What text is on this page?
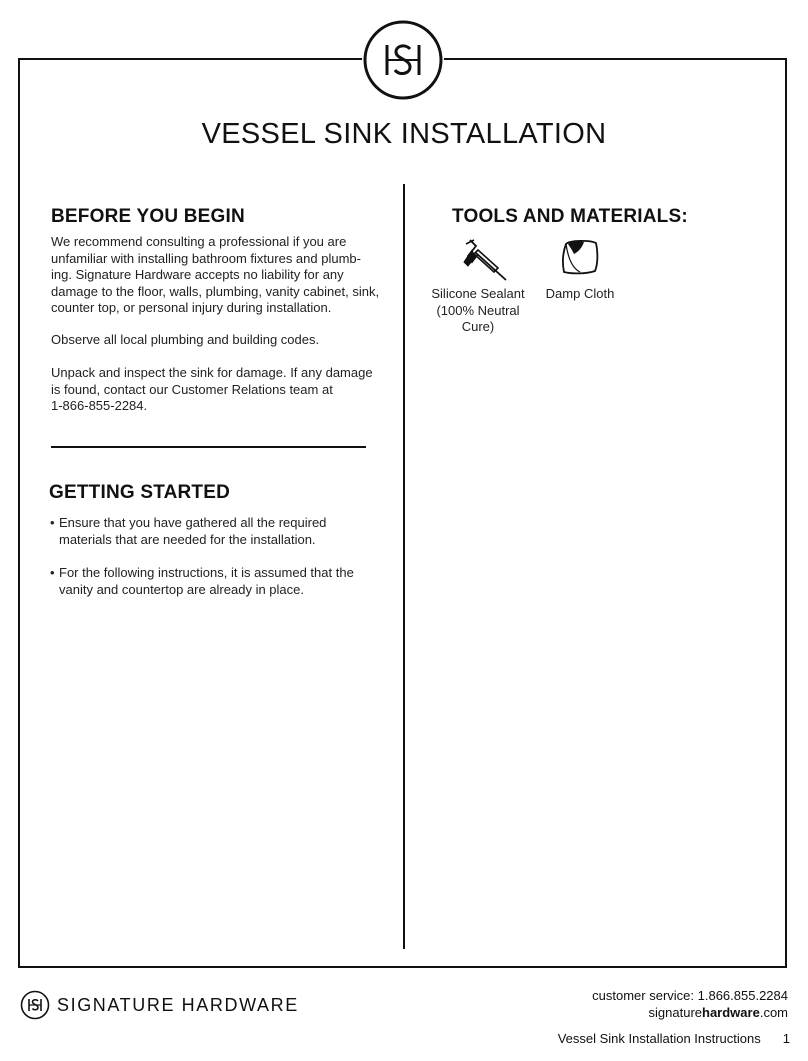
VESSEL SINK INSTALLATION
BEFORE YOU BEGIN
We recommend consulting a professional if you are
unfamiliar with installing bathroom fixtures and plumb-
ing. Signature Hardware accepts no liability for any
damage to the floor, walls, plumbing, vanity cabinet, sink,
counter top, or personal injury during installation.
Observe all local plumbing and building codes.
Unpack and inspect the sink for damage. If any damage
is found, contact our Customer Relations team at
1-866-855-2284.
GETTING STARTED
• Ensure that you have gathered all the required
materials that are needed for the installation.
• For the following instructions, it is assumed that the
vanity and countertop are already in place.
TOOLS AND MATERIALS:
Silicone Sealant
(100% Neutral
Cure)
Damp Cloth
SIGNATURE HARDWARE	customer service: 1.866.855.2284
signaturehardware.com
Vessel Sink Installation Instructions 1
